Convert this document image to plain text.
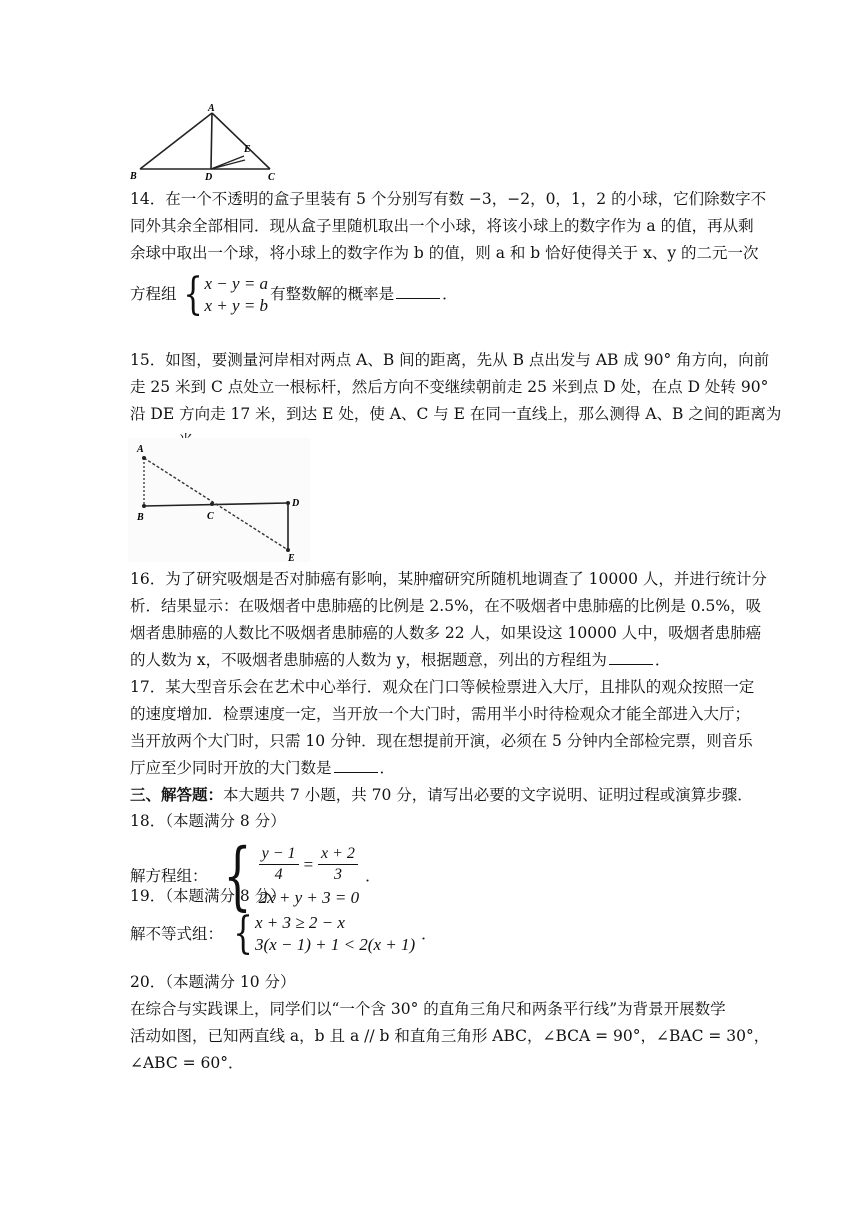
A
B	C
D
E
14．在一个不透明的盒子里装有 5 个分别写有数 −3，−2，0，1，2 的小球，它们除数字不
同外其余全部相同．现从盒子里随机取出一个小球，将该小球上的数字作为 a 的值，再从剩
余球中取出一个球，将小球上的数字作为 b 的值，则 a 和 b 恰好使得关于 x、y 的二元一次
方程组 { x − y = a
x + y = b
有整数解的概率是	．
15．如图，要测量河岸相对两点 A、B 间的距离，先从 B 点出发与 AB 成 90° 角方向，向前
走 25 米到 C 点处立一根标杆，然后方向不变继续朝前走 25 米到点 D 处，在点 D 处转 90°
沿 DE 方向走 17 米，到达 E 处，使 A、C 与 E 在同一直线上，那么测得 A、B 之间的距离为
A
B	C
D
E
16．为了研究吸烟是否对肺癌有影响，某肿瘤研究所随机地调查了 10000 人，并进行统计分
析．结果显示：在吸烟者中患肺癌的比例是 2.5%，在不吸烟者中患肺癌的比例是 0.5%，吸
烟者患肺癌的人数比不吸烟者患肺癌的人数多 22 人，如果设这 10000 人中，吸烟者患肺癌
的人数为 x，不吸烟者患肺癌的人数为 y，根据题意，列出的方程组为	．
17．某大型音乐会在艺术中心举行．观众在门口等候检票进入大厅，且排队的观众按照一定
的速度增加．检票速度一定，当开放一个大门时，需用半小时待检观众才能全部进入大厅；
当开放两个大门时，只需 10 分钟．现在想提前开演，必须在 5 分钟内全部检完票，则音乐
厅应至少同时开放的大门数是	．
三、解答题：本大题共 7 小题，共 70 分，请写出必要的文字说明、证明过程或演算步骤．
18．（本题满分 8 分）
解方程组： { $\frac{y - 1}{4} = \frac{x + 2}{3}$
2x + y + 3 = 0
．
19．（本题满分 8 分）
解不等式组： { x + 3 ≥ 2 − x
3(x − 1) + 1 < 2(x + 1)
．
20．（本题满分 10 分）
在综合与实践课上，同学们以“一个含 30° 的直角三角尺和两条平行线”为背景开展数学
活动如图，已知两直线 a，b 且 a // b 和直角三角形 ABC，∠BCA = 90°，∠BAC = 30°，
∠ABC = 60°．
